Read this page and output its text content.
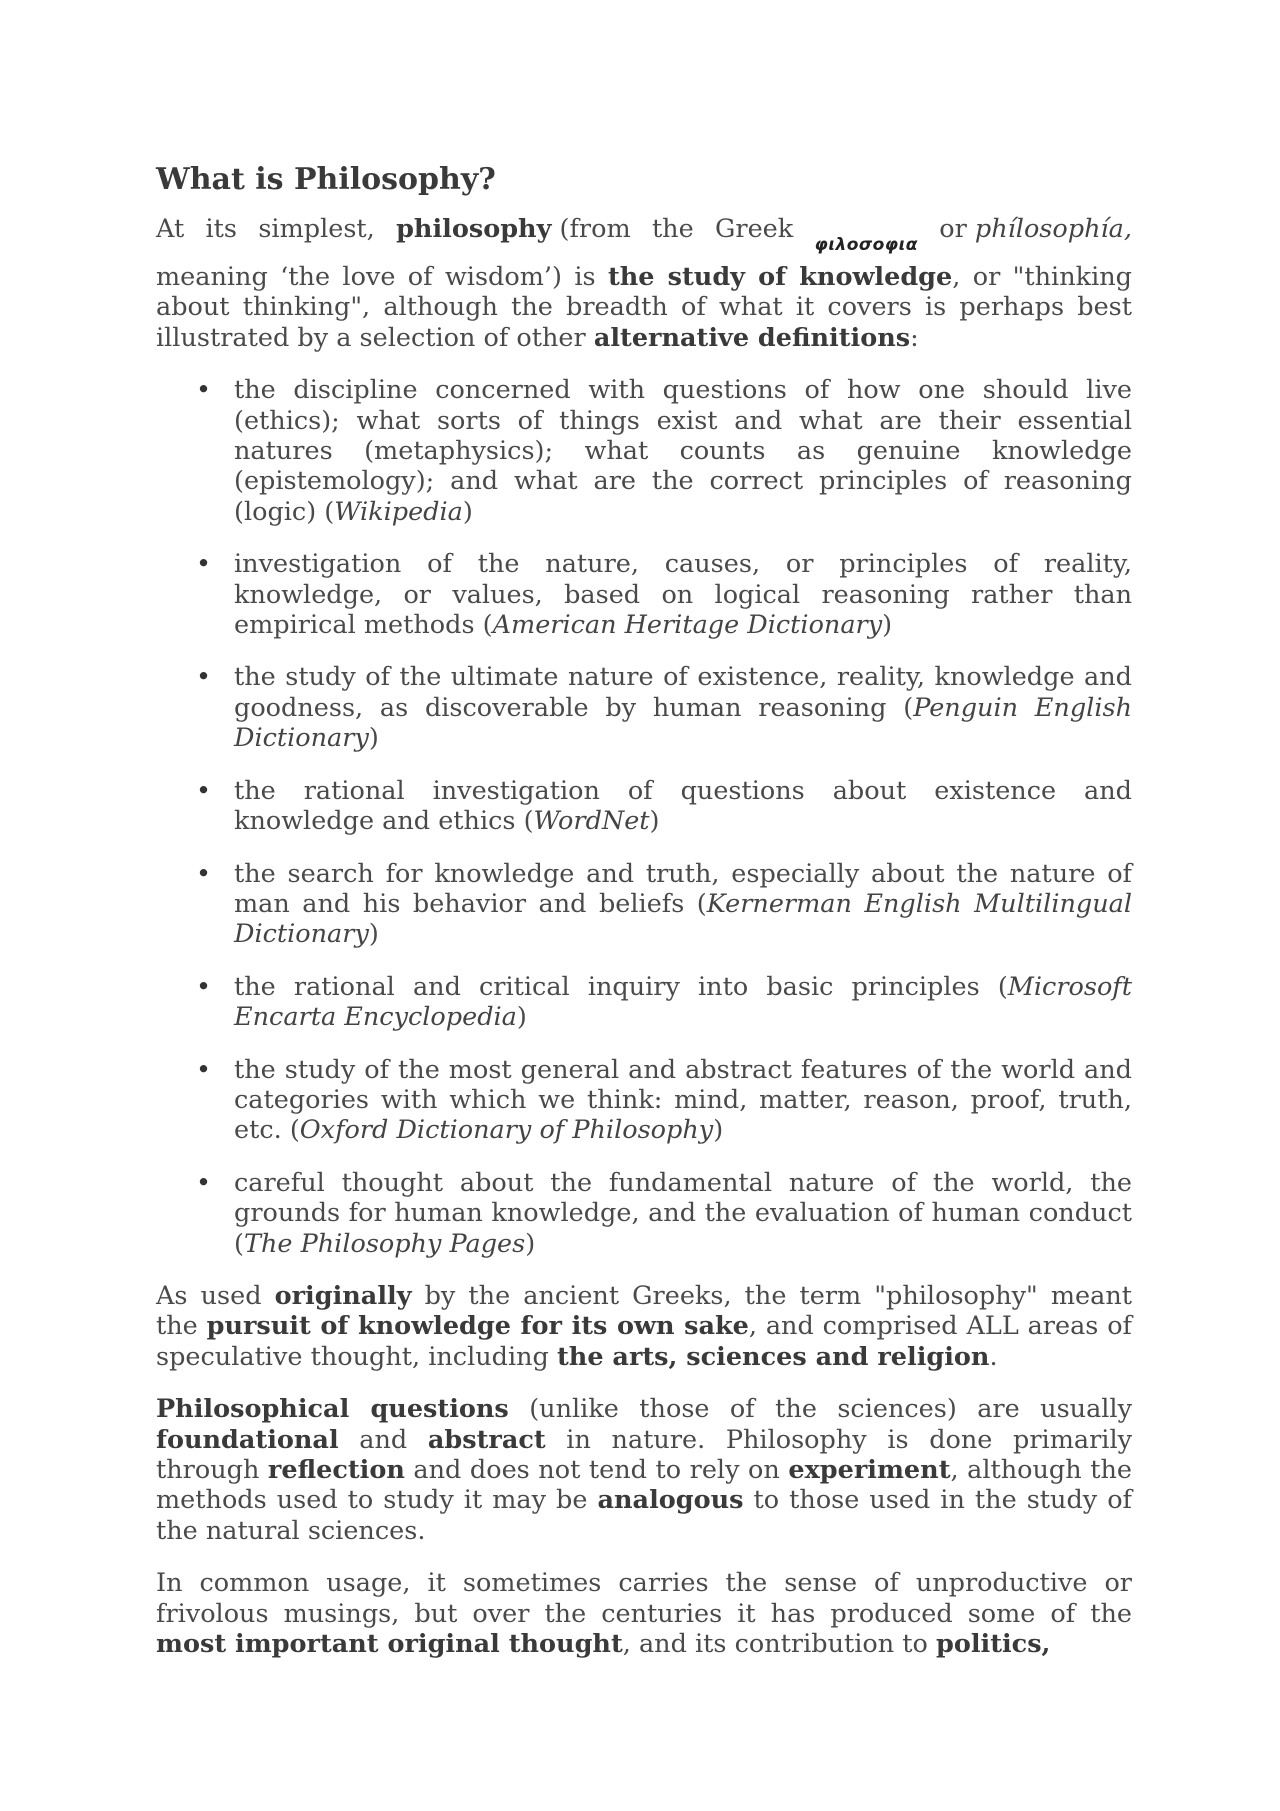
What is Philosophy?
At its simplest, philosophy (from the Greek
φιλοσοφια
or phílosophía,

meaning ‘the love of wisdom’) is the study of knowledge, or "thinking about thinking", although the breadth of what it covers is perhaps best illustrated by a selection of other alternative definitions:

• the discipline concerned with questions of how one should live (ethics); what sorts of things exist and what are their essential natures (metaphysics); what counts as genuine knowledge (epistemology); and what are the correct principles of reasoning (logic) (Wikipedia)
• investigation of the nature, causes, or principles of reality, knowledge, or values, based on logical reasoning rather than empirical methods (American Heritage Dictionary)
• the study of the ultimate nature of existence, reality, knowledge and goodness, as discoverable by human reasoning (Penguin English Dictionary)
• the rational investigation of questions about existence and knowledge and ethics (WordNet)
• the search for knowledge and truth, especially about the nature of man and his behavior and beliefs (Kernerman English Multilingual Dictionary)
• the rational and critical inquiry into basic principles (Microsoft Encarta Encyclopedia)
• the study of the most general and abstract features of the world and categories with which we think: mind, matter, reason, proof, truth, etc. (Oxford Dictionary of Philosophy)
• careful thought about the fundamental nature of the world, the grounds for human knowledge, and the evaluation of human conduct (The Philosophy Pages)

As used originally by the ancient Greeks, the term "philosophy" meant the pursuit of knowledge for its own sake, and comprised ALL areas of speculative thought, including the arts, sciences and religion.

Philosophical questions (unlike those of the sciences) are usually foundational and abstract in nature. Philosophy is done primarily through reflection and does not tend to rely on experiment, although the methods used to study it may be analogous to those used in the study of the natural sciences.

In common usage, it sometimes carries the sense of unproductive or frivolous musings, but over the centuries it has produced some of the most important original thought, and its contribution to politics,
